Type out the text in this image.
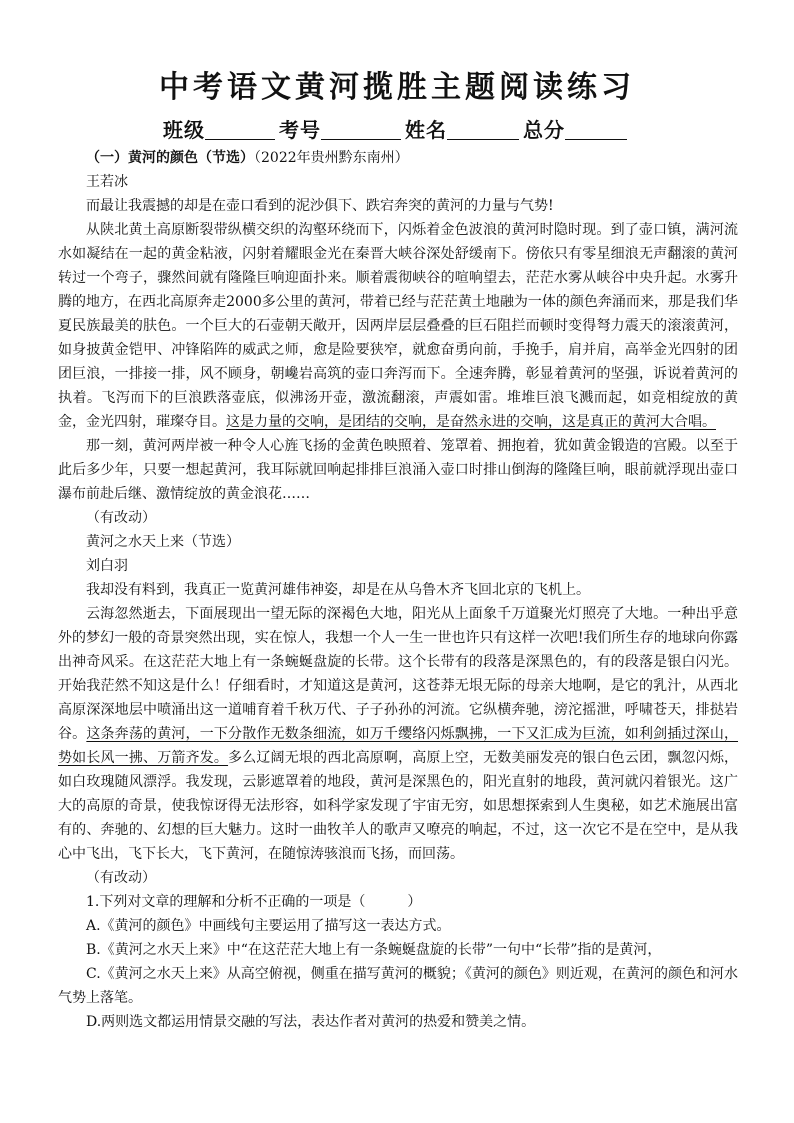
中考语文黄河揽胜主题阅读练习
班级	考号	姓名	总分

（一）黄河的颜色（节选）（2022年贵州黔东南州）

王若冰

而最让我震撼的却是在壶口看到的泥沙俱下、跌宕奔突的黄河的力量与气势!

从陕北黄土高原断裂带纵横交织的沟壑环绕而下，闪烁着金色波浪的黄河时隐时现。到了壶口镇，满河流水如凝结在一起的黄金粘液，闪射着耀眼金光在秦晋大峡谷深处舒缓南下。傍依只有零星细浪无声翻滚的黄河转过一个弯子，骤然间就有隆隆巨响迎面扑来。顺着震彻峡谷的喧响望去，茫茫水雾从峡谷中央升起。水雾升腾的地方，在西北高原奔走2000多公里的黄河，带着已经与茫茫黄土地融为一体的颜色奔涌而来，那是我们华夏民族最美的肤色。一个巨大的石壶朝天敞开，因两岸层层叠叠的巨石阻拦而顿时变得弩力震天的滚滚黄河，如身披黄金铠甲、冲锋陷阵的威武之师，愈是险要狭窄，就愈奋勇向前，手挽手，肩并肩，高举金光四射的团团巨浪，一排接一排，风不顾身，朝巉岩高筑的壶口奔泻而下。全速奔腾，彰显着黄河的坚强，诉说着黄河的执着。飞泻而下的巨浪跌落壶底，似沸汤开壶，激流翻滚，声震如雷。堆堆巨浪飞溅而起，如竞相绽放的黄金，金光四射，璀璨夺目。这是力量的交响，是团结的交响，是奋然永进的交响，这是真正的黄河大合唱。

那一刻，黄河两岸被一种令人心旌飞扬的金黄色映照着、笼罩着、拥抱着，犹如黄金锻造的宫殿。以至于此后多少年，只要一想起黄河，我耳际就回响起排排巨浪涌入壶口时排山倒海的隆隆巨响，眼前就浮现出壶口瀑布前赴后继、激情绽放的黄金浪花……

（有改动）

黄河之水天上来（节选）

刘白羽

我却没有料到，我真正一览黄河雄伟神姿，却是在从乌鲁木齐飞回北京的飞机上。

云海忽然逝去，下面展现出一望无际的深褐色大地，阳光从上面象千万道聚光灯照亮了大地。一种出乎意外的梦幻一般的奇景突然出现，实在惊人，我想一个人一生一世也许只有这样一次吧!我们所生存的地球向你露出神奇风采。在这茫茫大地上有一条蜿蜒盘旋的长带。这个长带有的段落是深黑色的，有的段落是银白闪光。开始我茫然不知这是什么！仔细看时，才知道这是黄河，这苍莽无垠无际的母亲大地啊，是它的乳汁，从西北高原深深地层中喷涌出这一道哺育着千秋万代、子子孙孙的河流。它纵横奔驰，滂沱摇泄，呼啸苍天，排挞岩谷。这条奔荡的黄河，一下分散作无数条细流，如万千缨络闪烁飘拂，一下又汇成为巨流，如利剑插过深山，势如长风一拂、万箭齐发。多么辽阔无垠的西北高原啊，高原上空，无数美丽发亮的银白色云团，飘忽闪烁，如白玫瑰随风漂浮。我发现，云影遮罩着的地段，黄河是深黑色的，阳光直射的地段，黄河就闪着银光。这广大的高原的奇景，使我惊讶得无法形容，如科学家发现了宇宙无穷，如思想探索到人生奥秘，如艺术施展出富有的、奔驰的、幻想的巨大魅力。这时一曲牧羊人的歌声又嘹亮的响起，不过，这一次它不是在空中，是从我心中飞出，飞下长大，飞下黄河，在随惊涛骇浪而飞扬，而回荡。

（有改动）

1.下列对文章的理解和分析不正确的一项是（　　　）

A.《黄河的颜色》中画线句主要运用了描写这一表达方式。

B.《黄河之水天上来》中“在这茫茫大地上有一条蜿蜒盘旋的长带”一句中“长带”指的是黄河，

C.《黄河之水天上来》从高空俯视，侧重在描写黄河的概貌；《黄河的颜色》则近观，在黄河的颜色和河水气势上落笔。

D.两则选文都运用情景交融的写法，表达作者对黄河的热爱和赞美之情。
